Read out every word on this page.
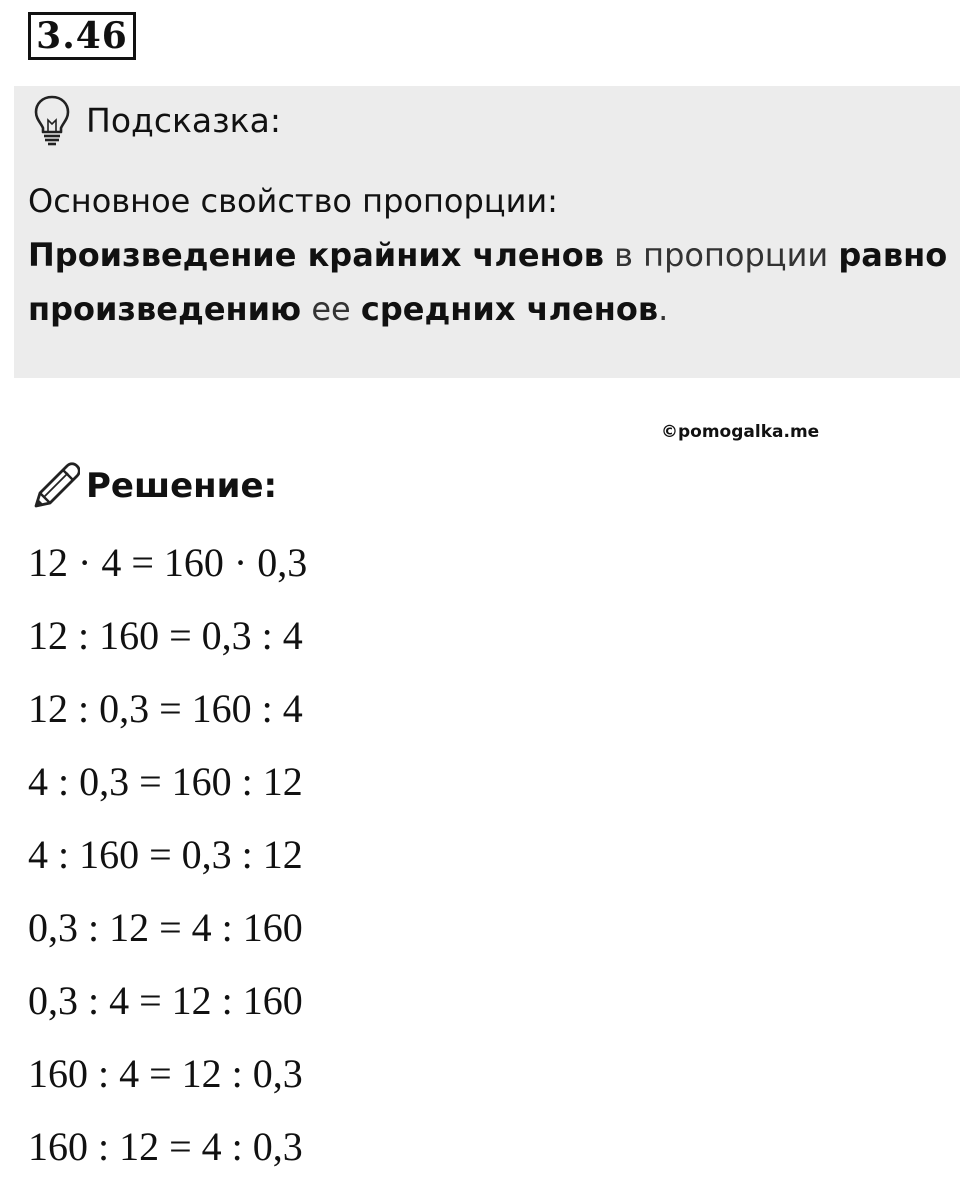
3.46
Подсказка:

Основное свойство пропорции:
Произведение крайних членов в пропорции равно
произведению ее средних членов.

©pomogalka.me
Решение:
12 · 4 = 160 · 0,3
12 : 160 = 0,3 : 4
12 : 0,3 = 160 : 4
4 : 0,3 = 160 : 12
4 : 160 = 0,3 : 12
0,3 : 12 = 4 : 160
0,3 : 4 = 12 : 160
160 : 4 = 12 : 0,3
160 : 12 = 4 : 0,3
